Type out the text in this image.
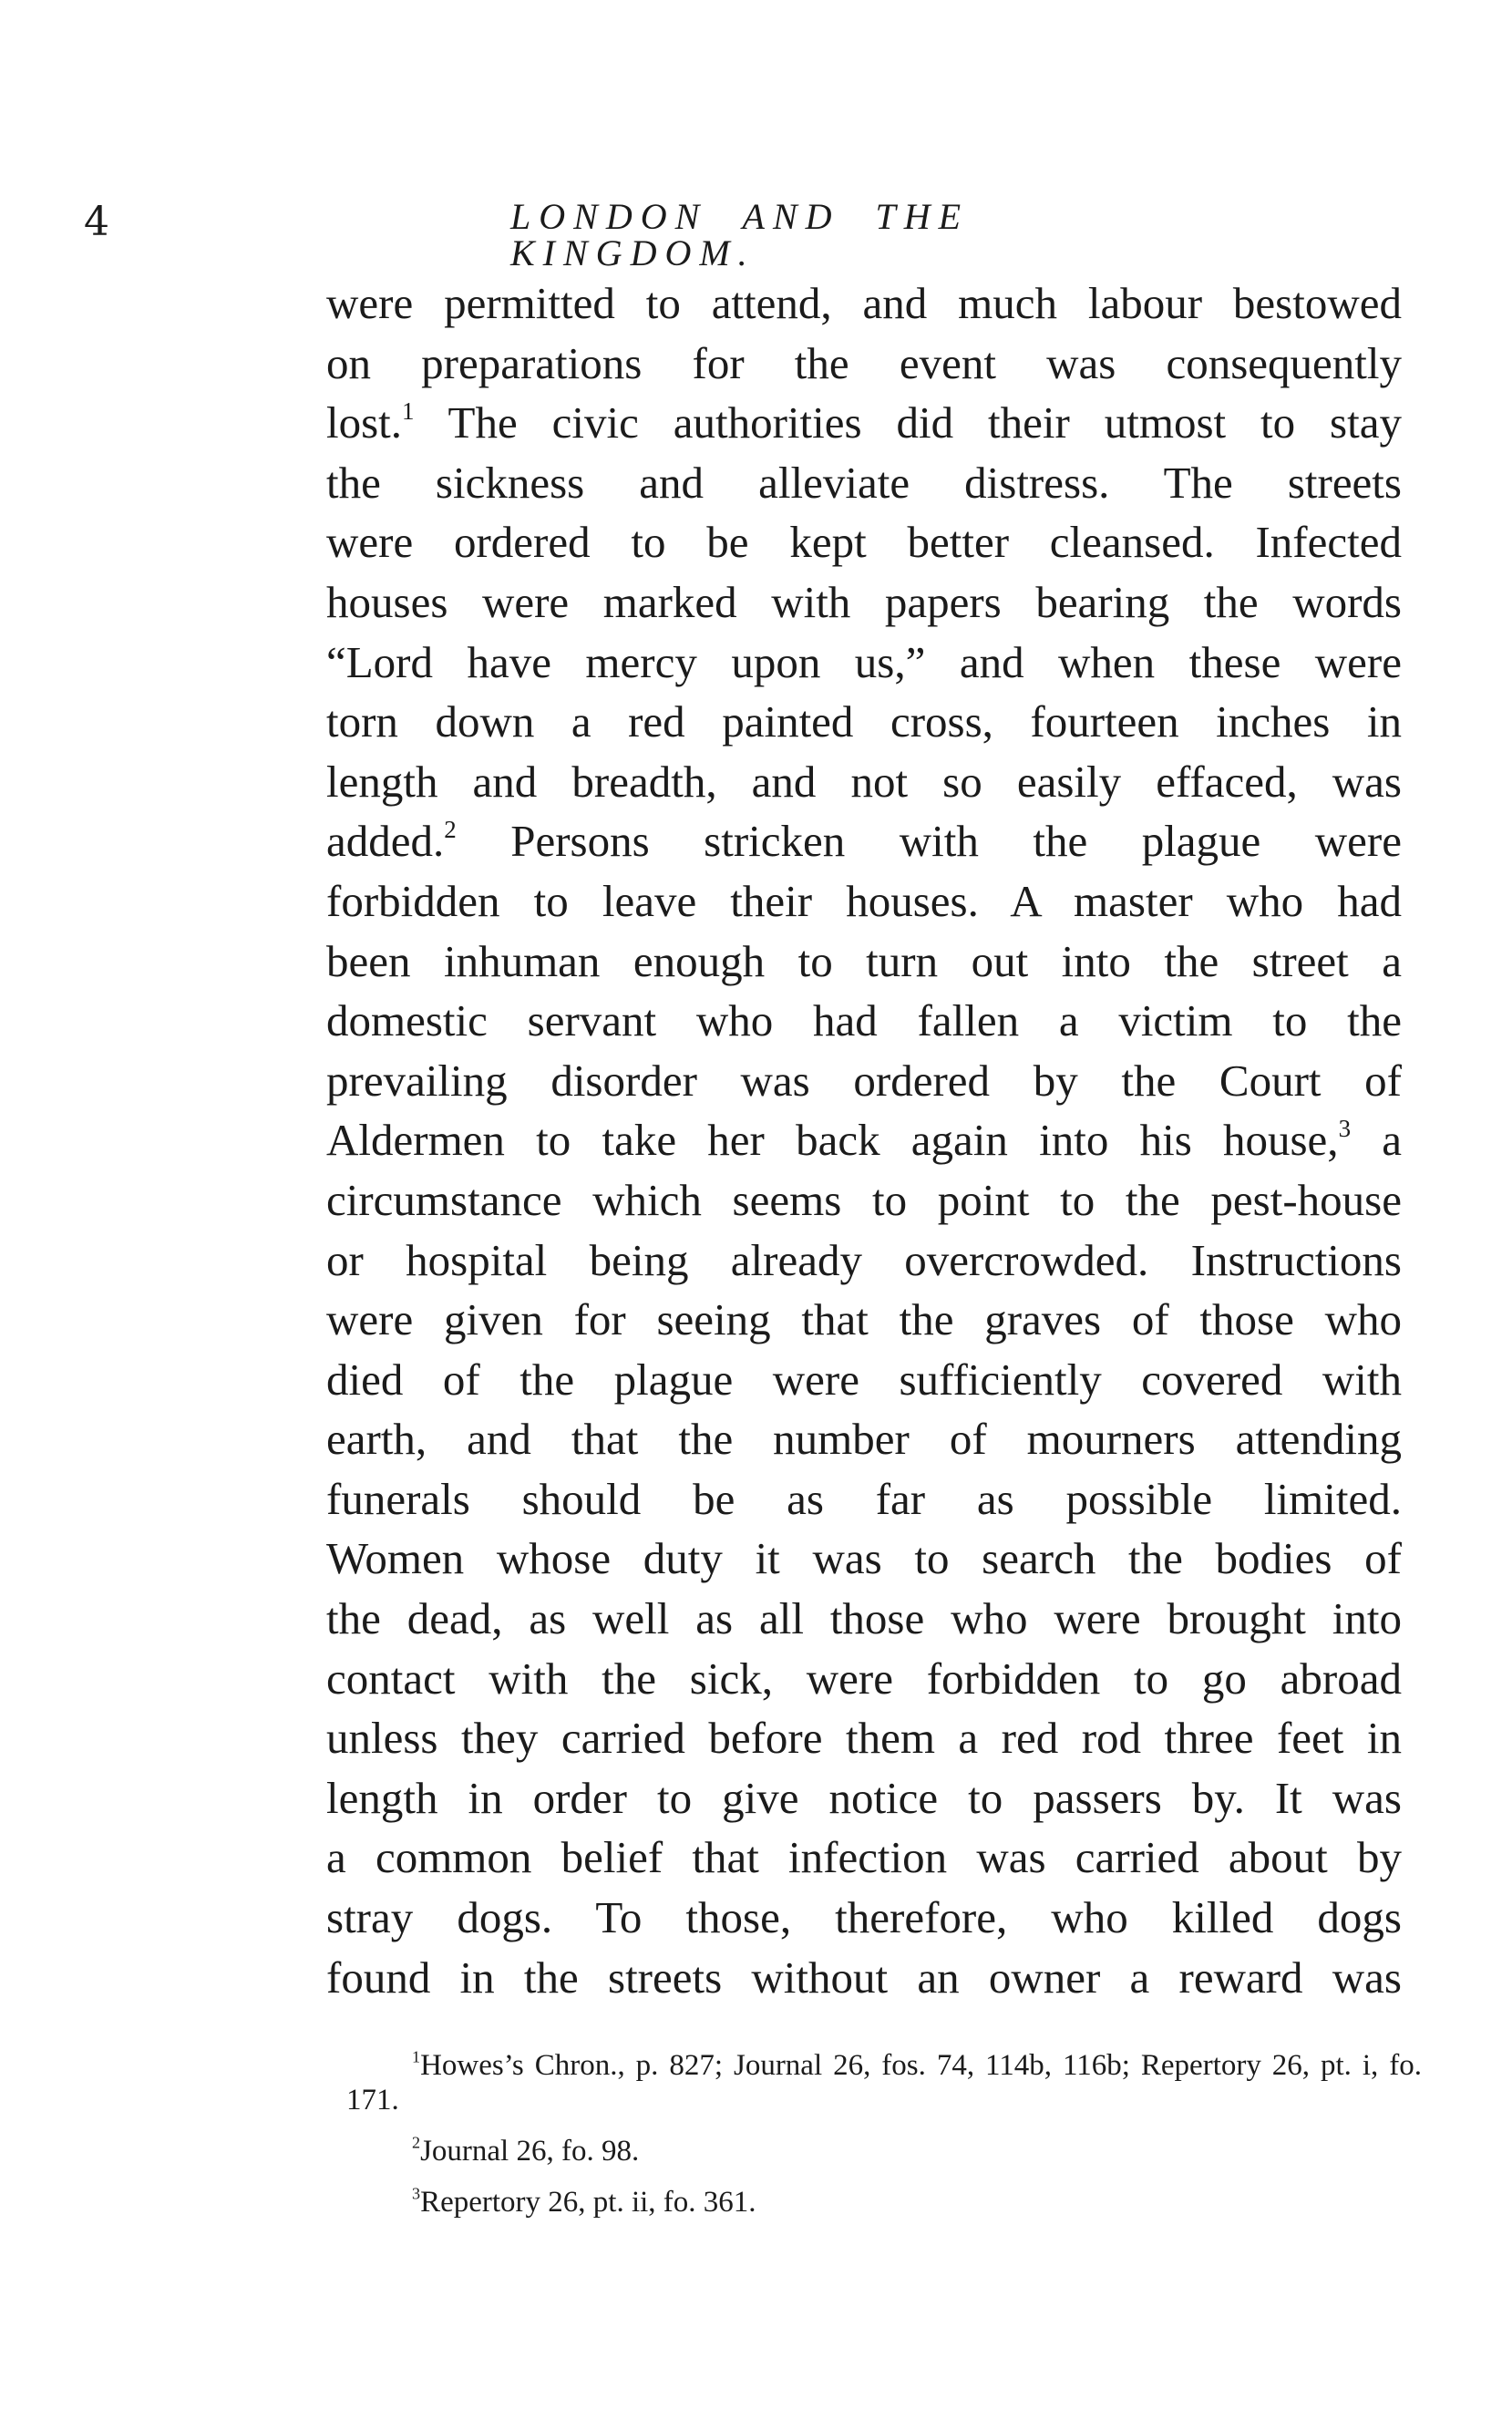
4	LONDON AND THE KINGDOM.
were permitted to attend, and much labour bestowed
on preparations for the event was consequently
lost.$^1$ The civic authorities did their utmost to stay
the sickness and alleviate distress. The streets
were ordered to be kept better cleansed. Infected
houses were marked with papers bearing the words
“Lord have mercy upon us,” and when these were
torn down a red painted cross, fourteen inches in
length and breadth, and not so easily effaced, was
added.$^2$ Persons stricken with the plague were
forbidden to leave their houses. A master who had
been inhuman enough to turn out into the street a
domestic servant who had fallen a victim to the
prevailing disorder was ordered by the Court of
Aldermen to take her back again into his house,$^3$ a
circumstance which seems to point to the pest-house
or hospital being already overcrowded. Instructions
were given for seeing that the graves of those who
died of the plague were sufficiently covered with
earth, and that the number of mourners attending
funerals should be as far as possible limited.
Women whose duty it was to search the bodies of
the dead, as well as all those who were brought into
contact with the sick, were forbidden to go abroad
unless they carried before them a red rod three feet in
length in order to give notice to passers by. It was
a common belief that infection was carried about by
stray dogs. To those, therefore, who killed dogs
found in the streets without an owner a reward was
$^1$Howes’s Chron., p. 827; Journal 26, fos. 74, 114b, 116b; Repertory 26, pt. i, fo. 171.
$^2$Journal 26, fo. 98.
$^3$Repertory 26, pt. ii, fo. 361.
